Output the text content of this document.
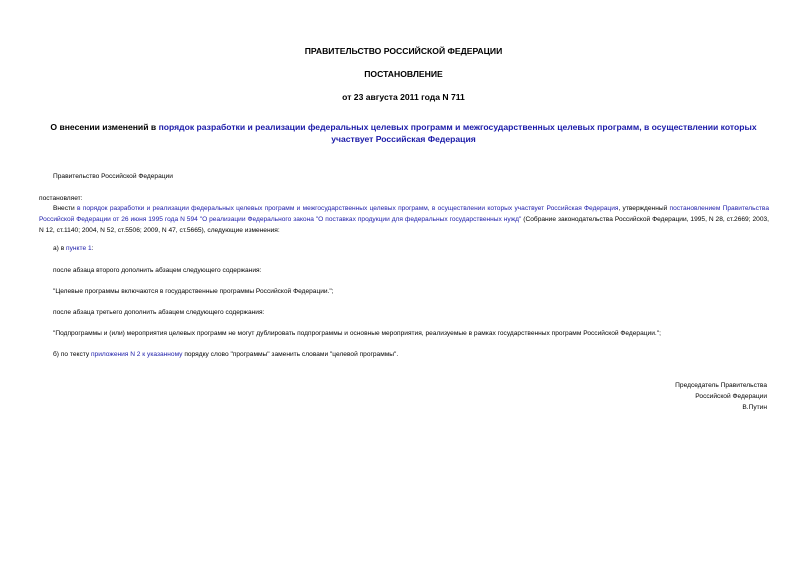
ПРАВИТЕЛЬСТВО РОССИЙСКОЙ ФЕДЕРАЦИИ
ПОСТАНОВЛЕНИЕ
от 23 августа 2011 года N 711
О внесении изменений в порядок разработки и реализации федеральных целевых программ и межгосударственных целевых программ, в осуществлении которых участвует Российская Федерация
Правительство Российской Федерации
постановляет:
Внести в порядок разработки и реализации федеральных целевых программ и межгосударственных целевых программ, в осуществлении которых участвует Российская Федерация, утвержденный постановлением Правительства Российской Федерации от 26 июня 1995 года N 594 "О реализации Федерального закона "О поставках продукции для федеральных государственных нужд" (Собрание законодательства Российской Федерации, 1995, N 28, ст.2669; 2003, N 12, ст.1140; 2004, N 52, ст.5506; 2009, N 47, ст.5665), следующие изменения:
а) в пункте 1:
после абзаца второго дополнить абзацем следующего содержания:
"Целевые программы включаются в государственные программы Российской Федерации.";
после абзаца третьего дополнить абзацем следующего содержания:
"Подпрограммы и (или) мероприятия целевых программ не могут дублировать подпрограммы и основные мероприятия, реализуемые в рамках государственных программ Российской Федерации.";
б) по тексту приложения N 2 к указанному порядку слово "программы" заменить словами "целевой программы".
Председатель Правительства
Российской Федерации
В.Путин
